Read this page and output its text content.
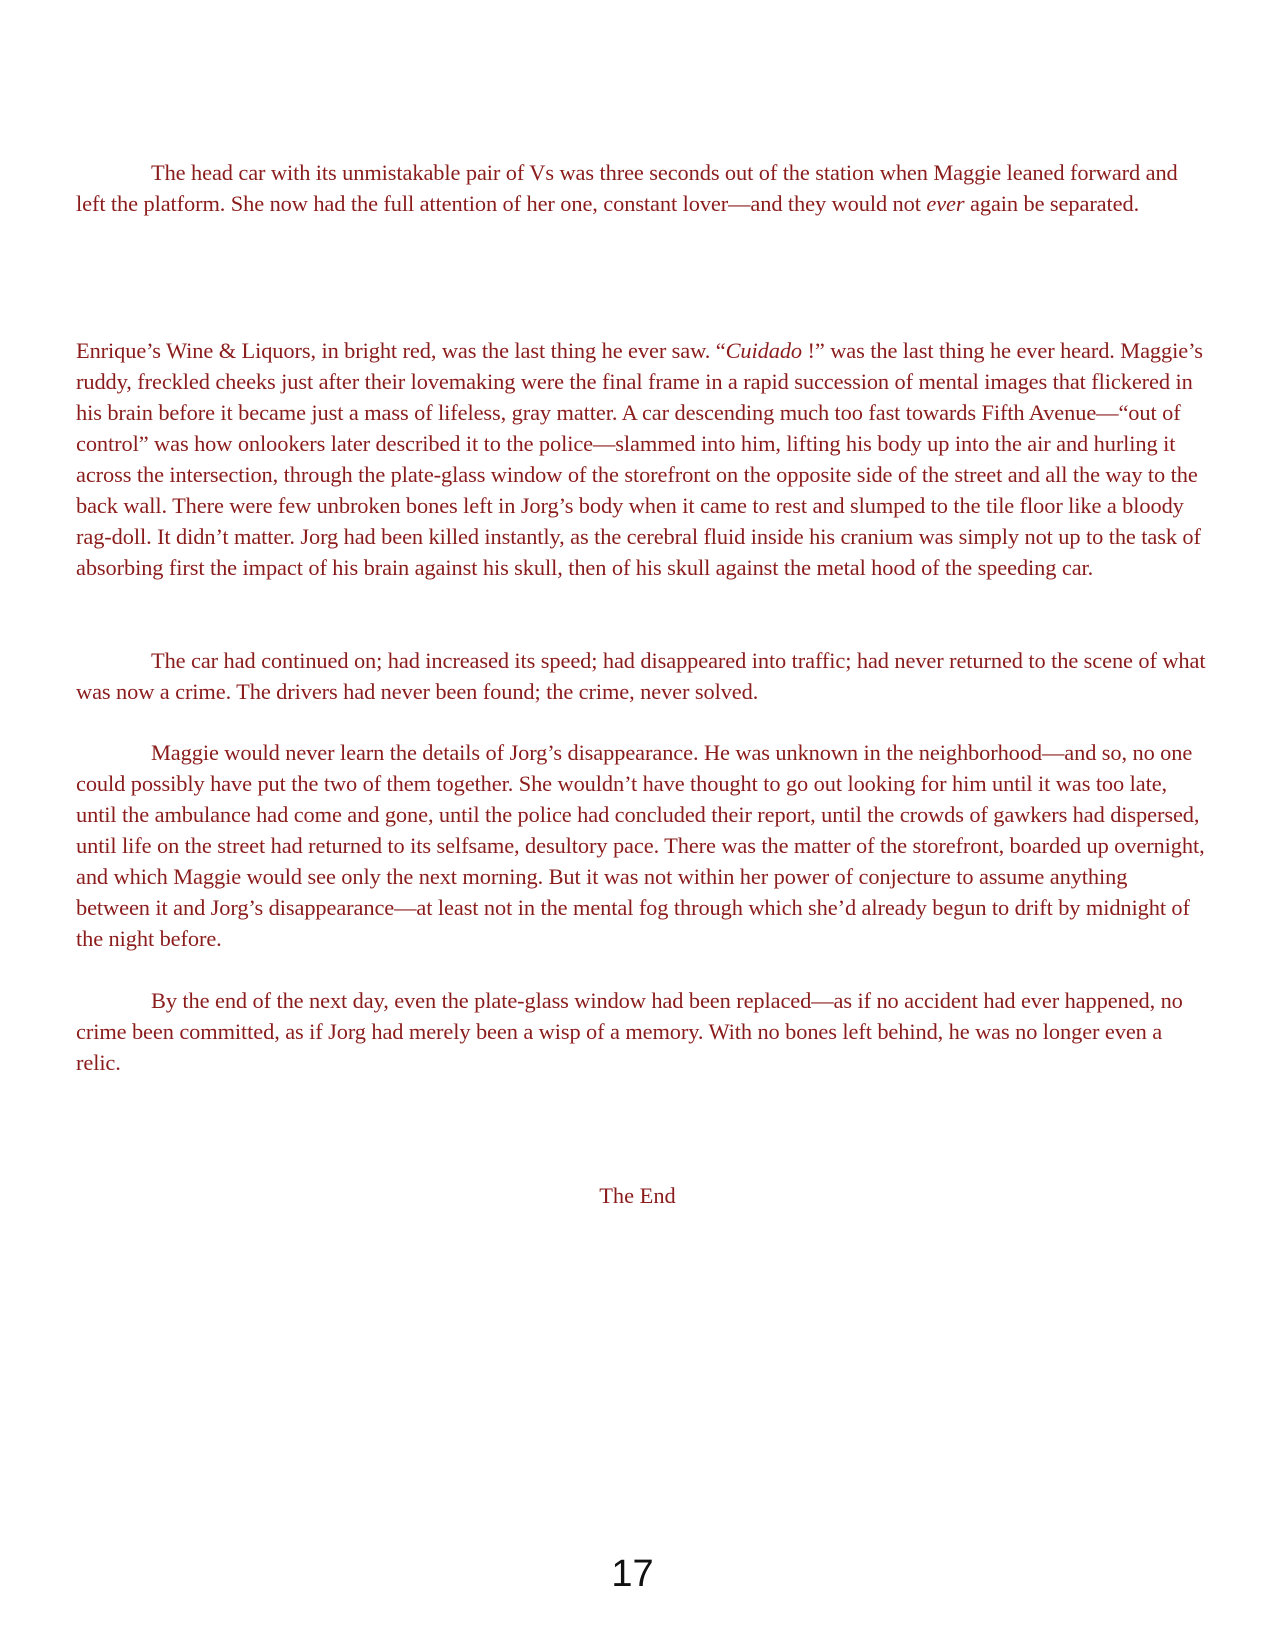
The head car with its unmistakable pair of Vs was three seconds out of the station when Maggie leaned forward and left the platform. She now had the full attention of her one, constant lover—and they would not ever again be separated.

Enrique’s Wine & Liquors, in bright red, was the last thing he ever saw. “Cuidado !” was the last thing he ever heard. Maggie’s ruddy, freckled cheeks just after their lovemaking were the final frame in a rapid succession of mental images that flickered in his brain before it became just a mass of lifeless, gray matter. A car descending much too fast towards Fifth Avenue—“out of control” was how onlookers later described it to the police—slammed into him, lifting his body up into the air and hurling it across the intersection, through the plate-glass window of the storefront on the opposite side of the street and all the way to the back wall. There were few unbroken bones left in Jorg’s body when it came to rest and slumped to the tile floor like a bloody rag-doll. It didn’t matter. Jorg had been killed instantly, as the cerebral fluid inside his cranium was simply not up to the task of absorbing first the impact of his brain against his skull, then of his skull against the metal hood of the speeding car.

The car had continued on; had increased its speed; had disappeared into traffic; had never returned to the scene of what was now a crime. The drivers had never been found; the crime, never solved.

Maggie would never learn the details of Jorg’s disappearance. He was unknown in the neighborhood—and so, no one could possibly have put the two of them together. She wouldn’t have thought to go out looking for him until it was too late, until the ambulance had come and gone, until the police had concluded their report, until the crowds of gawkers had dispersed, until life on the street had returned to its selfsame, desultory pace. There was the matter of the storefront, boarded up overnight, and which Maggie would see only the next morning. But it was not within her power of conjecture to assume anything between it and Jorg’s disappearance—at least not in the mental fog through which she’d already begun to drift by midnight of the night before.

By the end of the next day, even the plate-glass window had been replaced—as if no accident had ever happened, no crime been committed, as if Jorg had merely been a wisp of a memory. With no bones left behind, he was no longer even a relic.

The End
17
